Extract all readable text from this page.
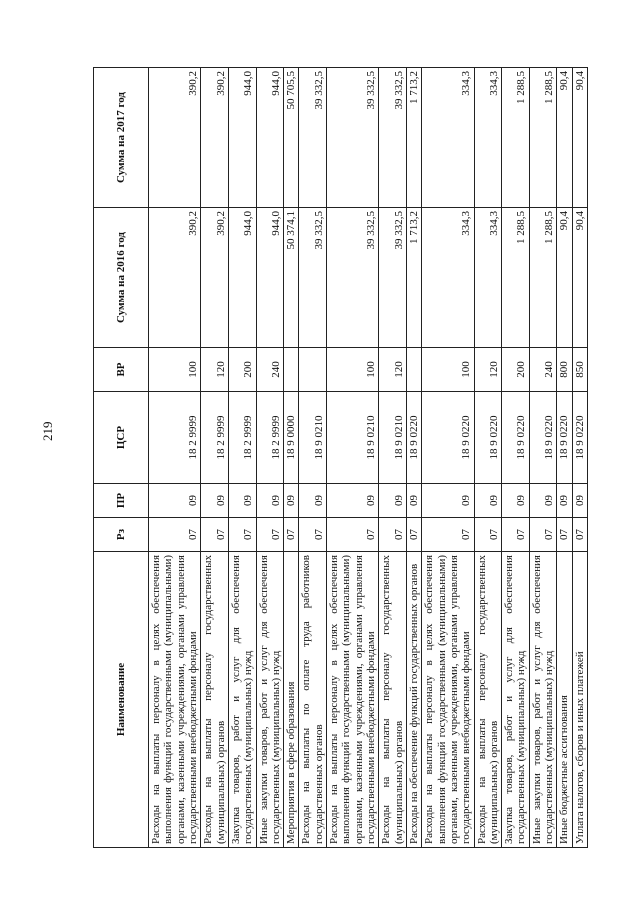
219
Наименование	Рз	ПР	ЦСР	ВР	Сумма на 2016 год	Сумма на 2017 год
Расходы на выплаты персоналу в целях обеспечения выполнения функций государственными (муниципальными) органами, казенными учреждениями, органами управления государственными внебюджетными фондами	07	09	18 2 9999	100	390,2	390,2
Расходы на выплаты персоналу государственных (муниципальных) органов	07	09	18 2 9999	120	390,2	390,2
Закупка товаров, работ и услуг для обеспечения государственных (муниципальных) нужд	07	09	18 2 9999	200	944,0	944,0
Иные закупки товаров, работ и услуг для обеспечения государственных (муниципальных) нужд	07	09	18 2 9999	240	944,0	944,0
Мероприятия в сфере образования	07	09	18 9 0000		50 374,1	50 705,5
Расходы на выплаты по оплате труда работников государственных органов	07	09	18 9 0210		39 332,5	39 332,5
Расходы на выплаты персоналу в целях обеспечения выполнения функций государственными (муниципальными) органами, казенными учреждениями, органами управления государственными внебюджетными фондами	07	09	18 9 0210	100	39 332,5	39 332,5
Расходы на выплаты персоналу государственных (муниципальных) органов	07	09	18 9 0210	120	39 332,5	39 332,5
Расходы на обеспечение функций государственных органов	07	09	18 9 0220		1 713,2	1 713,2
Расходы на выплаты персоналу в целях обеспечения выполнения функций государственными (муниципальными) органами, казенными учреждениями, органами управления государственными внебюджетными фондами	07	09	18 9 0220	100	334,3	334,3
Расходы на выплаты персоналу государственных (муниципальных) органов	07	09	18 9 0220	120	334,3	334,3
Закупка товаров, работ и услуг для обеспечения государственных (муниципальных) нужд	07	09	18 9 0220	200	1 288,5	1 288,5
Иные закупки товаров, работ и услуг для обеспечения государственных (муниципальных) нужд	07	09	18 9 0220	240	1 288,5	1 288,5
Иные бюджетные ассигнования	07	09	18 9 0220	800	90,4	90,4
Уплата налогов, сборов и иных платежей	07	09	18 9 0220	850	90,4	90,4
